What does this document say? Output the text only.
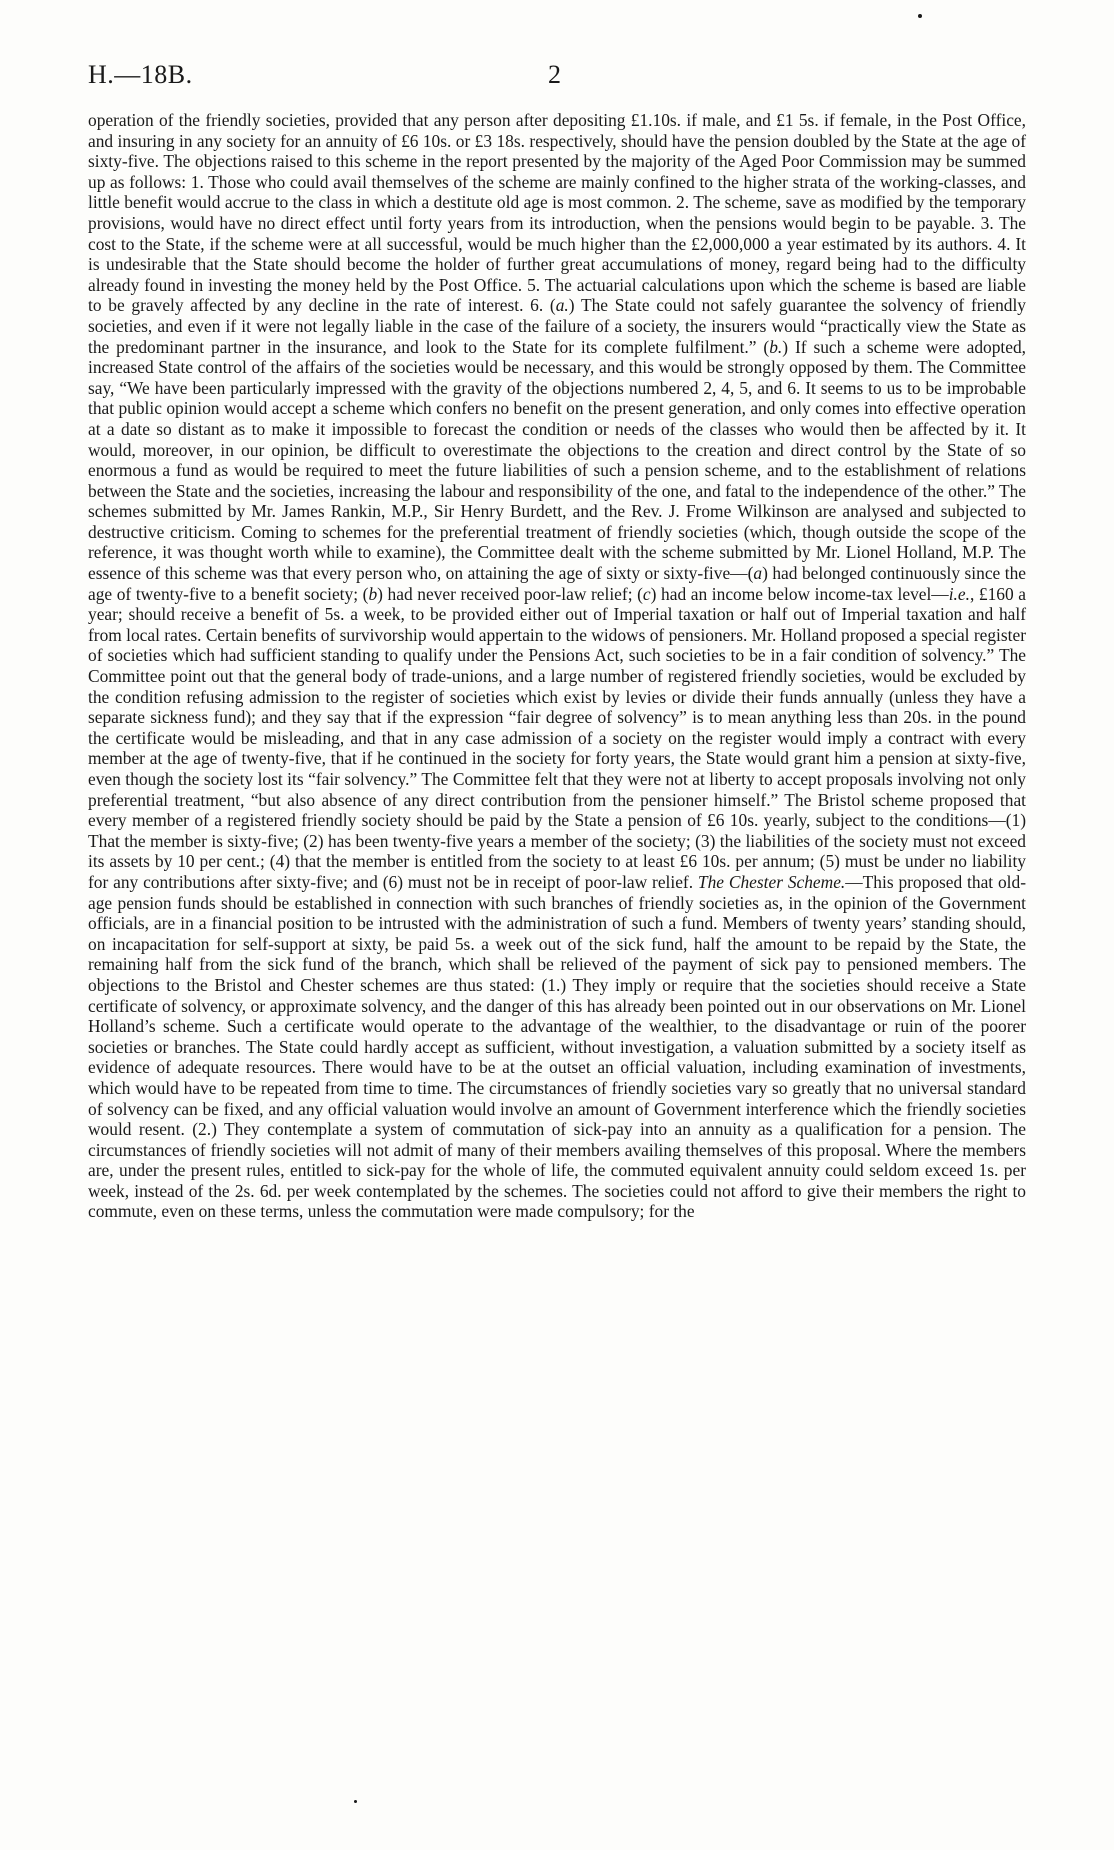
H.—18B.	2

operation of the friendly societies, provided that any person after depositing £1.10s. if male, and £1 5s. if female, in the Post Office, and insuring in any society for an annuity of £6 10s. or £3 18s. respectively, should have the pension doubled by the State at the age of sixty-five. The objections raised to this scheme in the report presented by the majority of the Aged Poor Commission may be summed up as follows: 1. Those who could avail themselves of the scheme are mainly confined to the higher strata of the working-classes, and little benefit would accrue to the class in which a destitute old age is most common. 2. The scheme, save as modified by the temporary provisions, would have no direct effect until forty years from its introduction, when the pensions would begin to be payable. 3. The cost to the State, if the scheme were at all successful, would be much higher than the £2,000,000 a year estimated by its authors. 4. It is undesirable that the State should become the holder of further great accumulations of money, regard being had to the difficulty already found in investing the money held by the Post Office. 5. The actuarial calculations upon which the scheme is based are liable to be gravely affected by any decline in the rate of interest. 6. (a.) The State could not safely guarantee the solvency of friendly societies, and even if it were not legally liable in the case of the failure of a society, the insurers would “practically view the State as the predominant partner in the insurance, and look to the State for its complete fulfilment.” (b.) If such a scheme were adopted, increased State control of the affairs of the societies would be necessary, and this would be strongly opposed by them. The Committee say, “We have been particularly impressed with the gravity of the objections numbered 2, 4, 5, and 6. It seems to us to be improbable that public opinion would accept a scheme which confers no benefit on the present generation, and only comes into effective operation at a date so distant as to make it impossible to forecast the condition or needs of the classes who would then be affected by it. It would, moreover, in our opinion, be difficult to overestimate the objections to the creation and direct control by the State of so enormous a fund as would be required to meet the future liabilities of such a pension scheme, and to the establishment of relations between the State and the societies, increasing the labour and responsibility of the one, and fatal to the independence of the other.” The schemes submitted by Mr. James Rankin, M.P., Sir Henry Burdett, and the Rev. J. Frome Wilkinson are analysed and subjected to destructive criticism. Coming to schemes for the preferential treatment of friendly societies (which, though outside the scope of the reference, it was thought worth while to examine), the Committee dealt with the scheme submitted by Mr. Lionel Holland, M.P. The essence of this scheme was that every person who, on attaining the age of sixty or sixty-five—(a) had belonged continuously since the age of twenty-five to a benefit society; (b) had never received poor-law relief; (c) had an income below income-tax level—i.e., £160 a year; should receive a benefit of 5s. a week, to be provided either out of Imperial taxation or half out of Imperial taxation and half from local rates. Certain benefits of survivorship would appertain to the widows of pensioners. Mr. Holland proposed a special register of societies which had sufficient standing to qualify under the Pensions Act, such societies to be in a fair condition of solvency.” The Committee point out that the general body of trade-unions, and a large number of registered friendly societies, would be excluded by the condition refusing admission to the register of societies which exist by levies or divide their funds annually (unless they have a separate sickness fund); and they say that if the expression “fair degree of solvency” is to mean anything less than 20s. in the pound the certificate would be misleading, and that in any case admission of a society on the register would imply a contract with every member at the age of twenty-five, that if he continued in the society for forty years, the State would grant him a pension at sixty-five, even though the society lost its “fair solvency.” The Committee felt that they were not at liberty to accept proposals involving not only preferential treatment, “but also absence of any direct contribution from the pensioner himself.” The Bristol scheme proposed that every member of a registered friendly society should be paid by the State a pension of £6 10s. yearly, subject to the conditions—(1) That the member is sixty-five; (2) has been twenty-five years a member of the society; (3) the liabilities of the society must not exceed its assets by 10 per cent.; (4) that the member is entitled from the society to at least £6 10s. per annum; (5) must be under no liability for any contributions after sixty-five; and (6) must not be in receipt of poor-law relief. The Chester Scheme.—This proposed that old-age pension funds should be established in connection with such branches of friendly societies as, in the opinion of the Government officials, are in a financial position to be intrusted with the administration of such a fund. Members of twenty years’ standing should, on incapacitation for self-support at sixty, be paid 5s. a week out of the sick fund, half the amount to be repaid by the State, the remaining half from the sick fund of the branch, which shall be relieved of the payment of sick pay to pensioned members. The objections to the Bristol and Chester schemes are thus stated: (1.) They imply or require that the societies should receive a State certificate of solvency, or approximate solvency, and the danger of this has already been pointed out in our observations on Mr. Lionel Holland’s scheme. Such a certificate would operate to the advantage of the wealthier, to the disadvantage or ruin of the poorer societies or branches. The State could hardly accept as sufficient, without investigation, a valuation submitted by a society itself as evidence of adequate resources. There would have to be at the outset an official valuation, including examination of investments, which would have to be repeated from time to time. The circumstances of friendly societies vary so greatly that no universal standard of solvency can be fixed, and any official valuation would involve an amount of Government interference which the friendly societies would resent. (2.) They contemplate a system of commutation of sick-pay into an annuity as a qualification for a pension. The circumstances of friendly societies will not admit of many of their members availing themselves of this proposal. Where the members are, under the present rules, entitled to sick-pay for the whole of life, the commuted equivalent annuity could seldom exceed 1s. per week, instead of the 2s. 6d. per week contemplated by the schemes. The societies could not afford to give their members the right to commute, even on these terms, unless the commutation were made compulsory; for the
